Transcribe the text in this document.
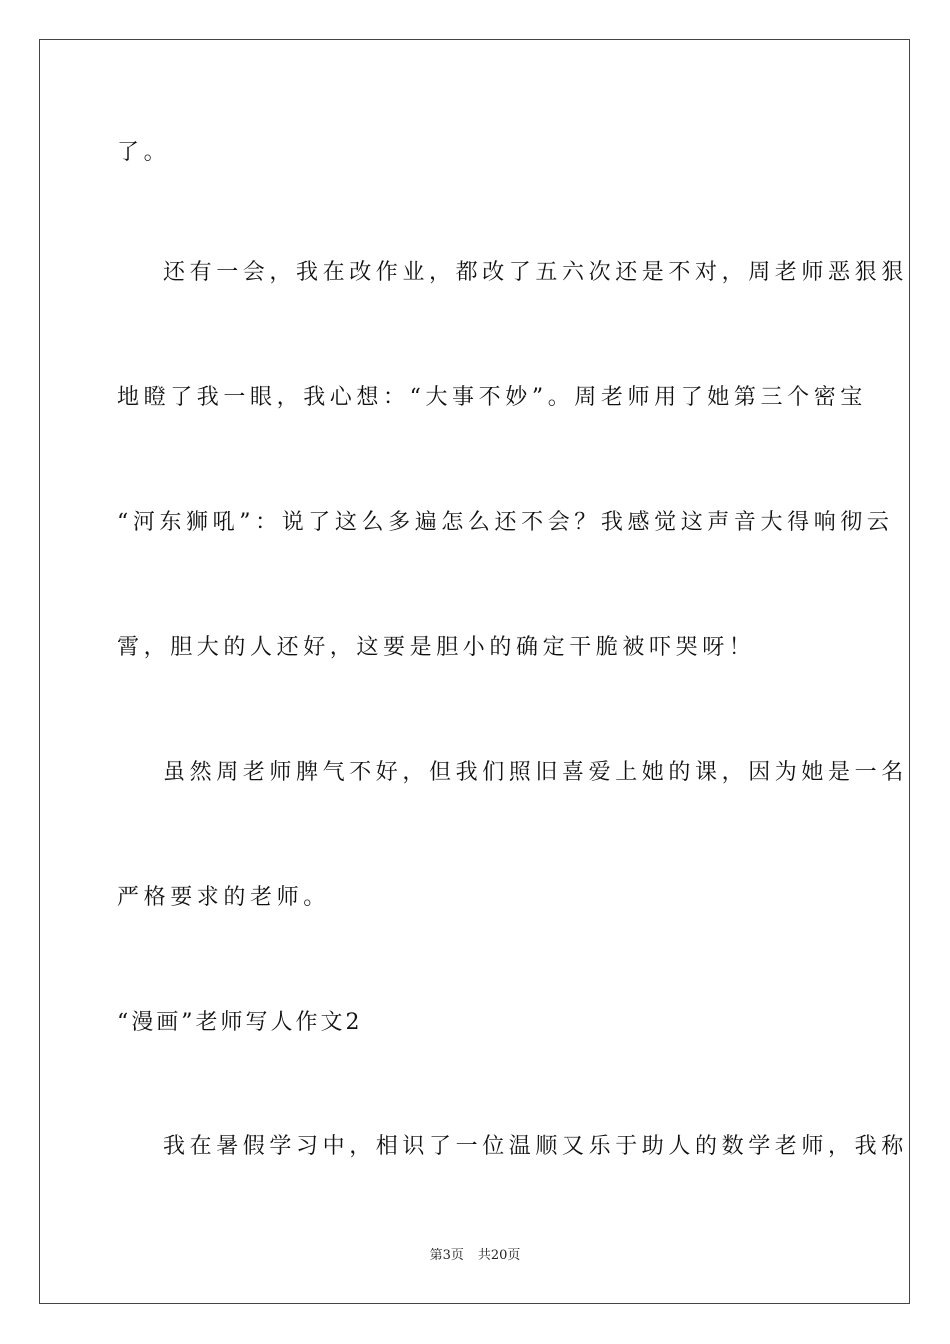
了。
还有一会，我在改作业，都改了五六次还是不对，周老师恶狠狠
地瞪了我一眼，我心想：“大事不妙”。周老师用了她第三个密宝
“河东狮吼”：说了这么多遍怎么还不会？我感觉这声音大得响彻云
霄，胆大的人还好，这要是胆小的确定干脆被吓哭呀！
虽然周老师脾气不好，但我们照旧喜爱上她的课，因为她是一名
严格要求的老师。
“漫画”老师写人作文2
我在暑假学习中，相识了一位温顺又乐于助人的数学老师，我称
第3页 共20页
